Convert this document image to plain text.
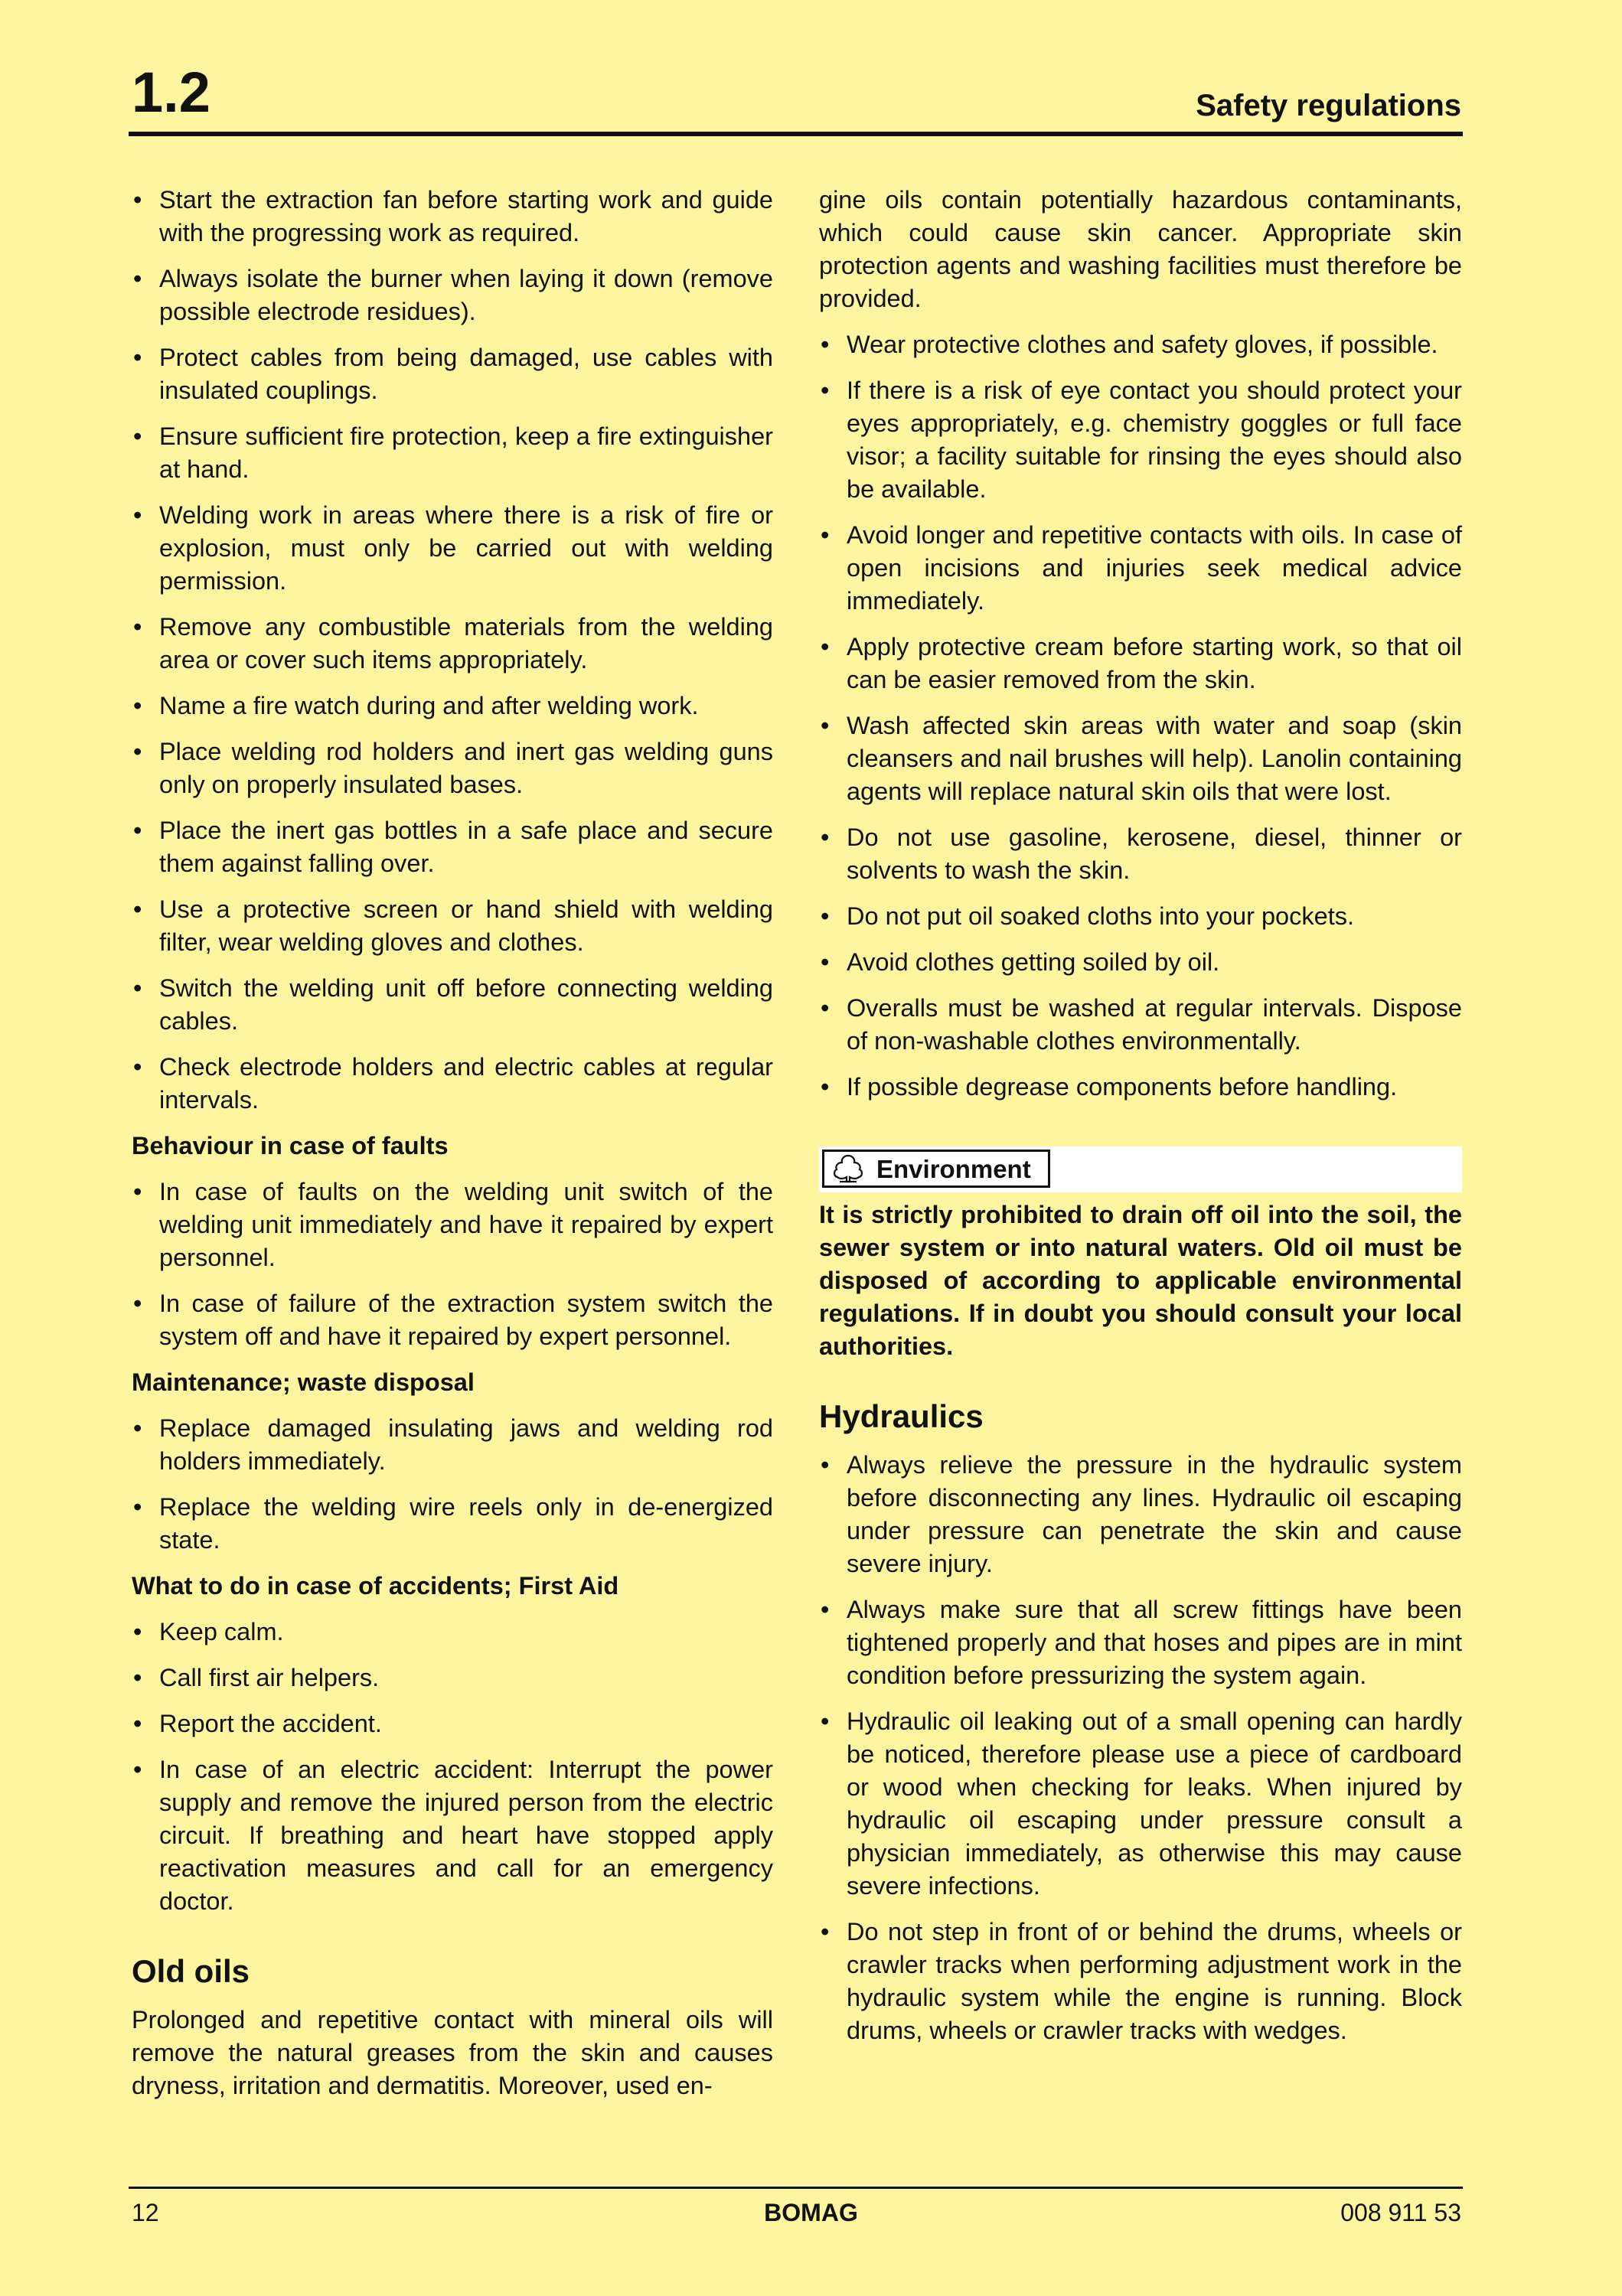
1.2	Safety regulations
• Start the extraction fan before starting work and guide with the progressing work as required.
• Always isolate the burner when laying it down (remove possible electrode residues).
• Protect cables from being damaged, use cables with insulated couplings.
• Ensure sufficient fire protection, keep a fire extinguisher at hand.
• Welding work in areas where there is a risk of fire or explosion, must only be carried out with welding permission.
• Remove any combustible materials from the welding area or cover such items appropriately.
• Name a fire watch during and after welding work.
• Place welding rod holders and inert gas welding guns only on properly insulated bases.
• Place the inert gas bottles in a safe place and secure them against falling over.
• Use a protective screen or hand shield with welding filter, wear welding gloves and clothes.
• Switch the welding unit off before connecting welding cables.
• Check electrode holders and electric cables at regular intervals.
Behaviour in case of faults
• In case of faults on the welding unit switch of the welding unit immediately and have it repaired by expert personnel.
• In case of failure of the extraction system switch the system off and have it repaired by expert personnel.
Maintenance; waste disposal
• Replace damaged insulating jaws and welding rod holders immediately.
• Replace the welding wire reels only in de-energized state.
What to do in case of accidents; First Aid
• Keep calm.
• Call first air helpers.
• Report the accident.
• In case of an electric accident: Interrupt the power supply and remove the injured person from the electric circuit. If breathing and heart have stopped apply reactivation measures and call for an emergency doctor.
Old oils

Prolonged and repetitive contact with mineral oils will remove the natural greases from the skin and causes dryness, irritation and dermatitis. Moreover, used en-

gine oils contain potentially hazardous contaminants, which could cause skin cancer. Appropriate skin protection agents and washing facilities must therefore be provided.

• Wear protective clothes and safety gloves, if possible.
• If there is a risk of eye contact you should protect your eyes appropriately, e.g. chemistry goggles or full face visor; a facility suitable for rinsing the eyes should also be available.
• Avoid longer and repetitive contacts with oils. In case of open incisions and injuries seek medical advice immediately.
• Apply protective cream before starting work, so that oil can be easier removed from the skin.
• Wash affected skin areas with water and soap (skin cleansers and nail brushes will help). Lanolin containing agents will replace natural skin oils that were lost.
• Do not use gasoline, kerosene, diesel, thinner or solvents to wash the skin.
• Do not put oil soaked cloths into your pockets.
• Avoid clothes getting soiled by oil.
• Overalls must be washed at regular intervals. Dispose of non-washable clothes environmentally.
• If possible degrease components before handling.
Environment

It is strictly prohibited to drain off oil into the soil, the sewer system or into natural waters. Old oil must be disposed of according to applicable environmental regulations. If in doubt you should consult your local authorities.

Hydraulics
• Always relieve the pressure in the hydraulic system before disconnecting any lines. Hydraulic oil escaping under pressure can penetrate the skin and cause severe injury.
• Always make sure that all screw fittings have been tightened properly and that hoses and pipes are in mint condition before pressurizing the system again.
• Hydraulic oil leaking out of a small opening can hardly be noticed, therefore please use a piece of cardboard or wood when checking for leaks. When injured by hydraulic oil escaping under pressure consult a physician immediately, as otherwise this may cause severe infections.
• Do not step in front of or behind the drums, wheels or crawler tracks when performing adjustment work in the hydraulic system while the engine is running. Block drums, wheels or crawler tracks with wedges.
12	BOMAG	008 911 53
